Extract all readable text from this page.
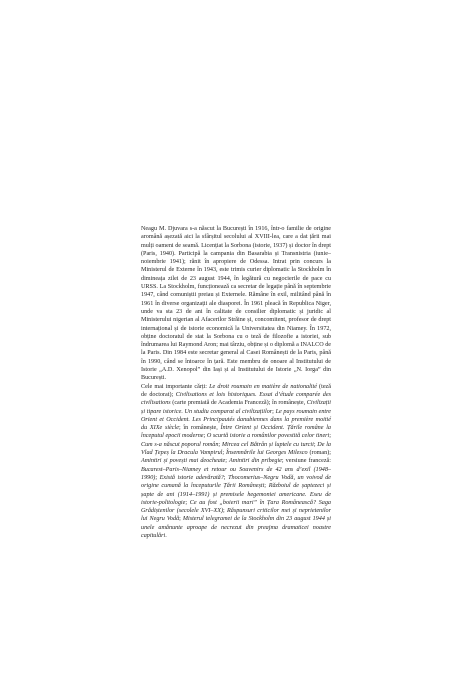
Neagu M. Djuvara s-a născut la București în 1916, într-o familie de origine aromână așezată aici la sfârșitul secolului al XVIII-lea, care a dat țării mai mulți oameni de seamă. Licențiat la Sorbona (istorie, 1937) și doctor în drept (Paris, 1940). Participă la campania din Basarabia și Transnistria (iunie–noiembrie 1941); rănit în apropiere de Odessa. Intrat prin concurs la Ministerul de Externe în 1943, este trimis curier diplomatic la Stockholm în dimineața zilei de 23 august 1944, în legătură cu negocierile de pace cu URSS. La Stockholm, funcționează ca secretar de legație până în septembrie 1947, când comuniștii preiau și Externele. Rămâne în exil, militând până în 1961 în diverse organizații ale diasporei. În 1961 pleacă în Republica Niger, unde va sta 23 de ani în calitate de consilier diplomatic și juridic al Ministerului nigerian al Afacerilor Străine și, concomitent, profesor de drept internațional și de istorie economică la Universitatea din Niamey. În 1972, obține doctoratul de stat la Sorbona cu o teză de filozofie a istoriei, sub îndrumarea lui Raymond Aron; mai târziu, obține și o diplomă a INALCO de la Paris. Din 1984 este secretar general al Casei Românești de la Paris, până în 1990, când se întoarce în țară. Este membru de onoare al Institutului de Istorie „A.D. Xenopol” din Iași și al Institutului de Istorie „N. Iorga” din București.

Cele mai importante cărți: Le droit roumain en matière de nationalité (teză de doctorat); Civilisations et lois historiques. Essai d’étude comparée des civilisations (carte premiată de Academia Franceză); în românește, Civilizații și tipare istorice. Un studiu comparat al civilizațiilor; Le pays roumain entre Orient et Occident. Les Principautés danubiennes dans la première moitié du XIXe siècle; în românește, Între Orient și Occident. Țările române la începutul epocii moderne; O scurtă istorie a românilor povestită celor tineri; Cum s-a născut poporul român; Mircea cel Bătrân și luptele cu turcii; De la Vlad Țepeș la Dracula Vampirul; Însemnările lui Georges Milesco (roman); Amintiri și povești mai deocheate; Amintiri din pribegie; versiune franceză: Bucarest–Paris–Niamey et retour ou Souvenirs de 42 ans d’exil (1948–1990); Există istorie adevărată?; Thocomerius–Negru Vodă, un voivod de origine cumană la începuturile Țării Românești; Războiul de șaptezeci și șapte de ani (1914–1991) și premisele hegemoniei americane. Eseu de istorie-politologie; Ce au fost „boierii mari” în Țara Românească? Saga Grădiștenilor (secolele XVI–XX); Răspunsuri criticilor mei și neprietenilor lui Negru Vodă; Misterul telegramei de la Stockholm din 23 august 1944 și unele amănunte aproape de necrezut din preajma dramaticei noastre capitulări.
